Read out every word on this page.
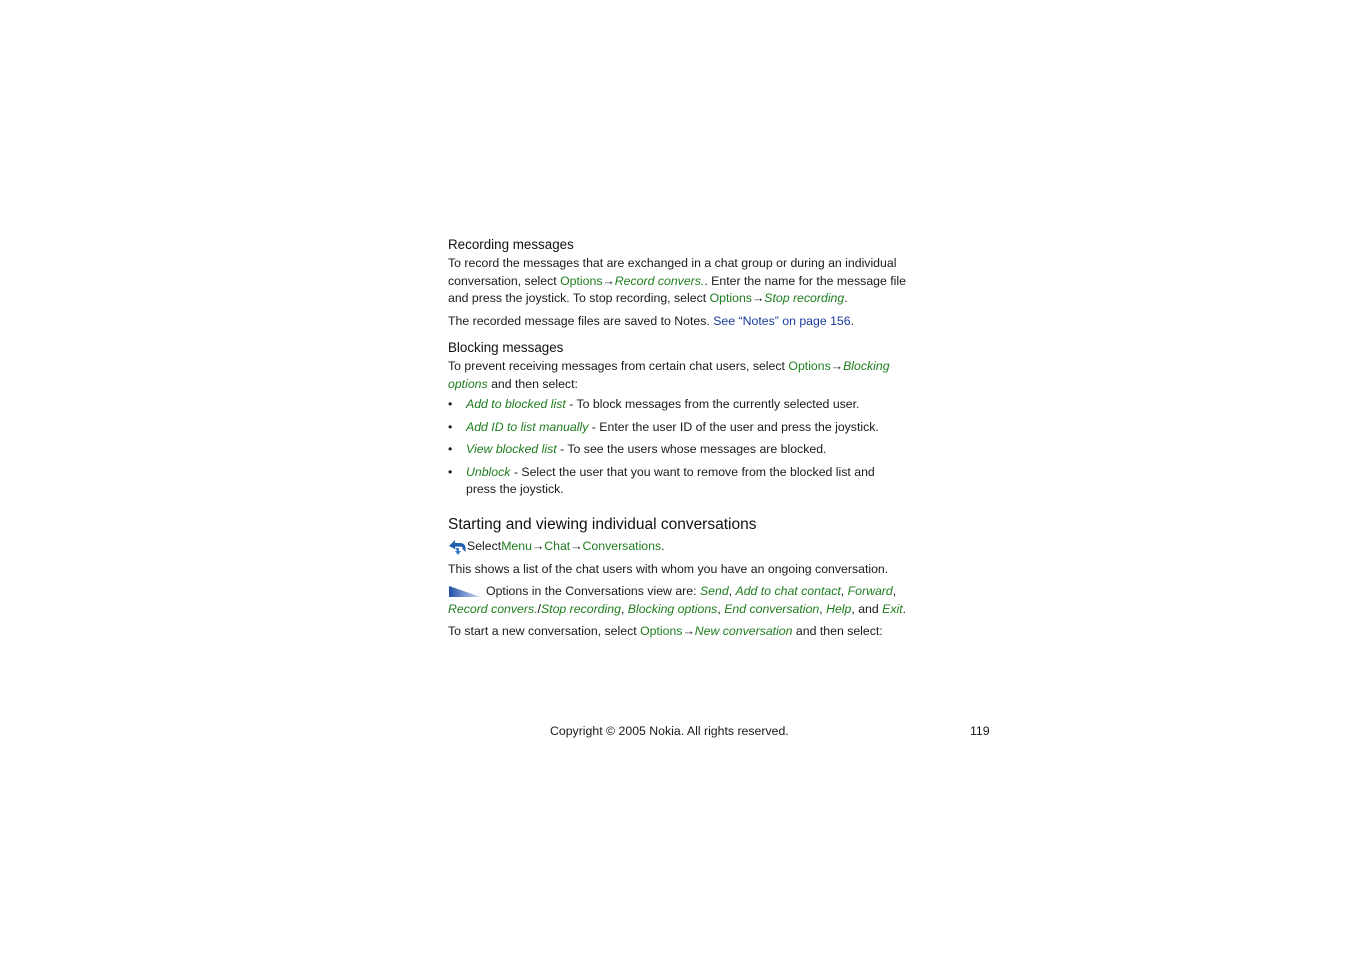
Recording messages

To record the messages that are exchanged in a chat group or during an individual conversation, select Options→Record convers.. Enter the name for the message file and press the joystick. To stop recording, select Options→Stop recording.

The recorded message files are saved to Notes. See “Notes” on page 156.

Blocking messages

To prevent receiving messages from certain chat users, select Options→Blocking options and then select:

• Add to blocked list - To block messages from the currently selected user.
• Add ID to list manually - Enter the user ID of the user and press the joystick.
• View blocked list - To see the users whose messages are blocked.
• Unblock - Select the user that you want to remove from the blocked list and press the joystick.
Starting and viewing individual conversations

Select Menu → Chat → Conversations .

This shows a list of the chat users with whom you have an ongoing conversation.

Options in the Conversations view are: Send, Add to chat contact, Forward, Record convers./Stop recording, Blocking options, End conversation, Help, and Exit.

To start a new conversation, select Options→New conversation and then select:

Copyright © 2005 Nokia. All rights reserved.	119
